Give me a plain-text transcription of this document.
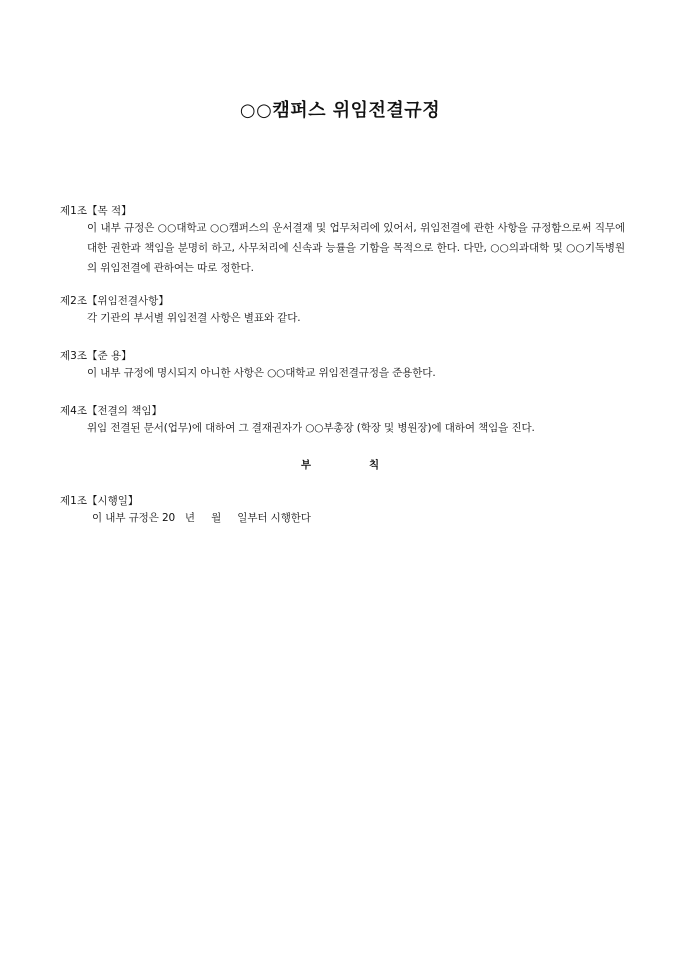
○○캠퍼스 위임전결규정
제1조【목 적】
이 내부 규정은 ○○대학교 ○○캠퍼스의 운서결재 및 업무처리에 있어서, 위임전결에 관한 사항을 규정함으로써 직무에 대한 권한과 책임을 분명히 하고, 사무처리에 신속과 능률을 기함을 목적으로 한다. 다만, ○○의과대학 및 ○○기독병원의 위임전결에 관하여는 따로 정한다.
제2조【위임전결사항】
각 기관의 부서별 위임전결 사항은 별표와 같다.
제3조【준 용】
이 내부 규정에 명시되지 아니한 사항은 ○○대학교 위임전결규정을 준용한다.
제4조【전결의 책임】
위임 전결된 문서(업무)에 대하여 그 결재권자가 ○○부총장 (학장 및 병원장)에 대하여 책임을 진다.
부	칙
제1조【시행일】
이 내부 규정은 20   년     월     일부터 시행한다
